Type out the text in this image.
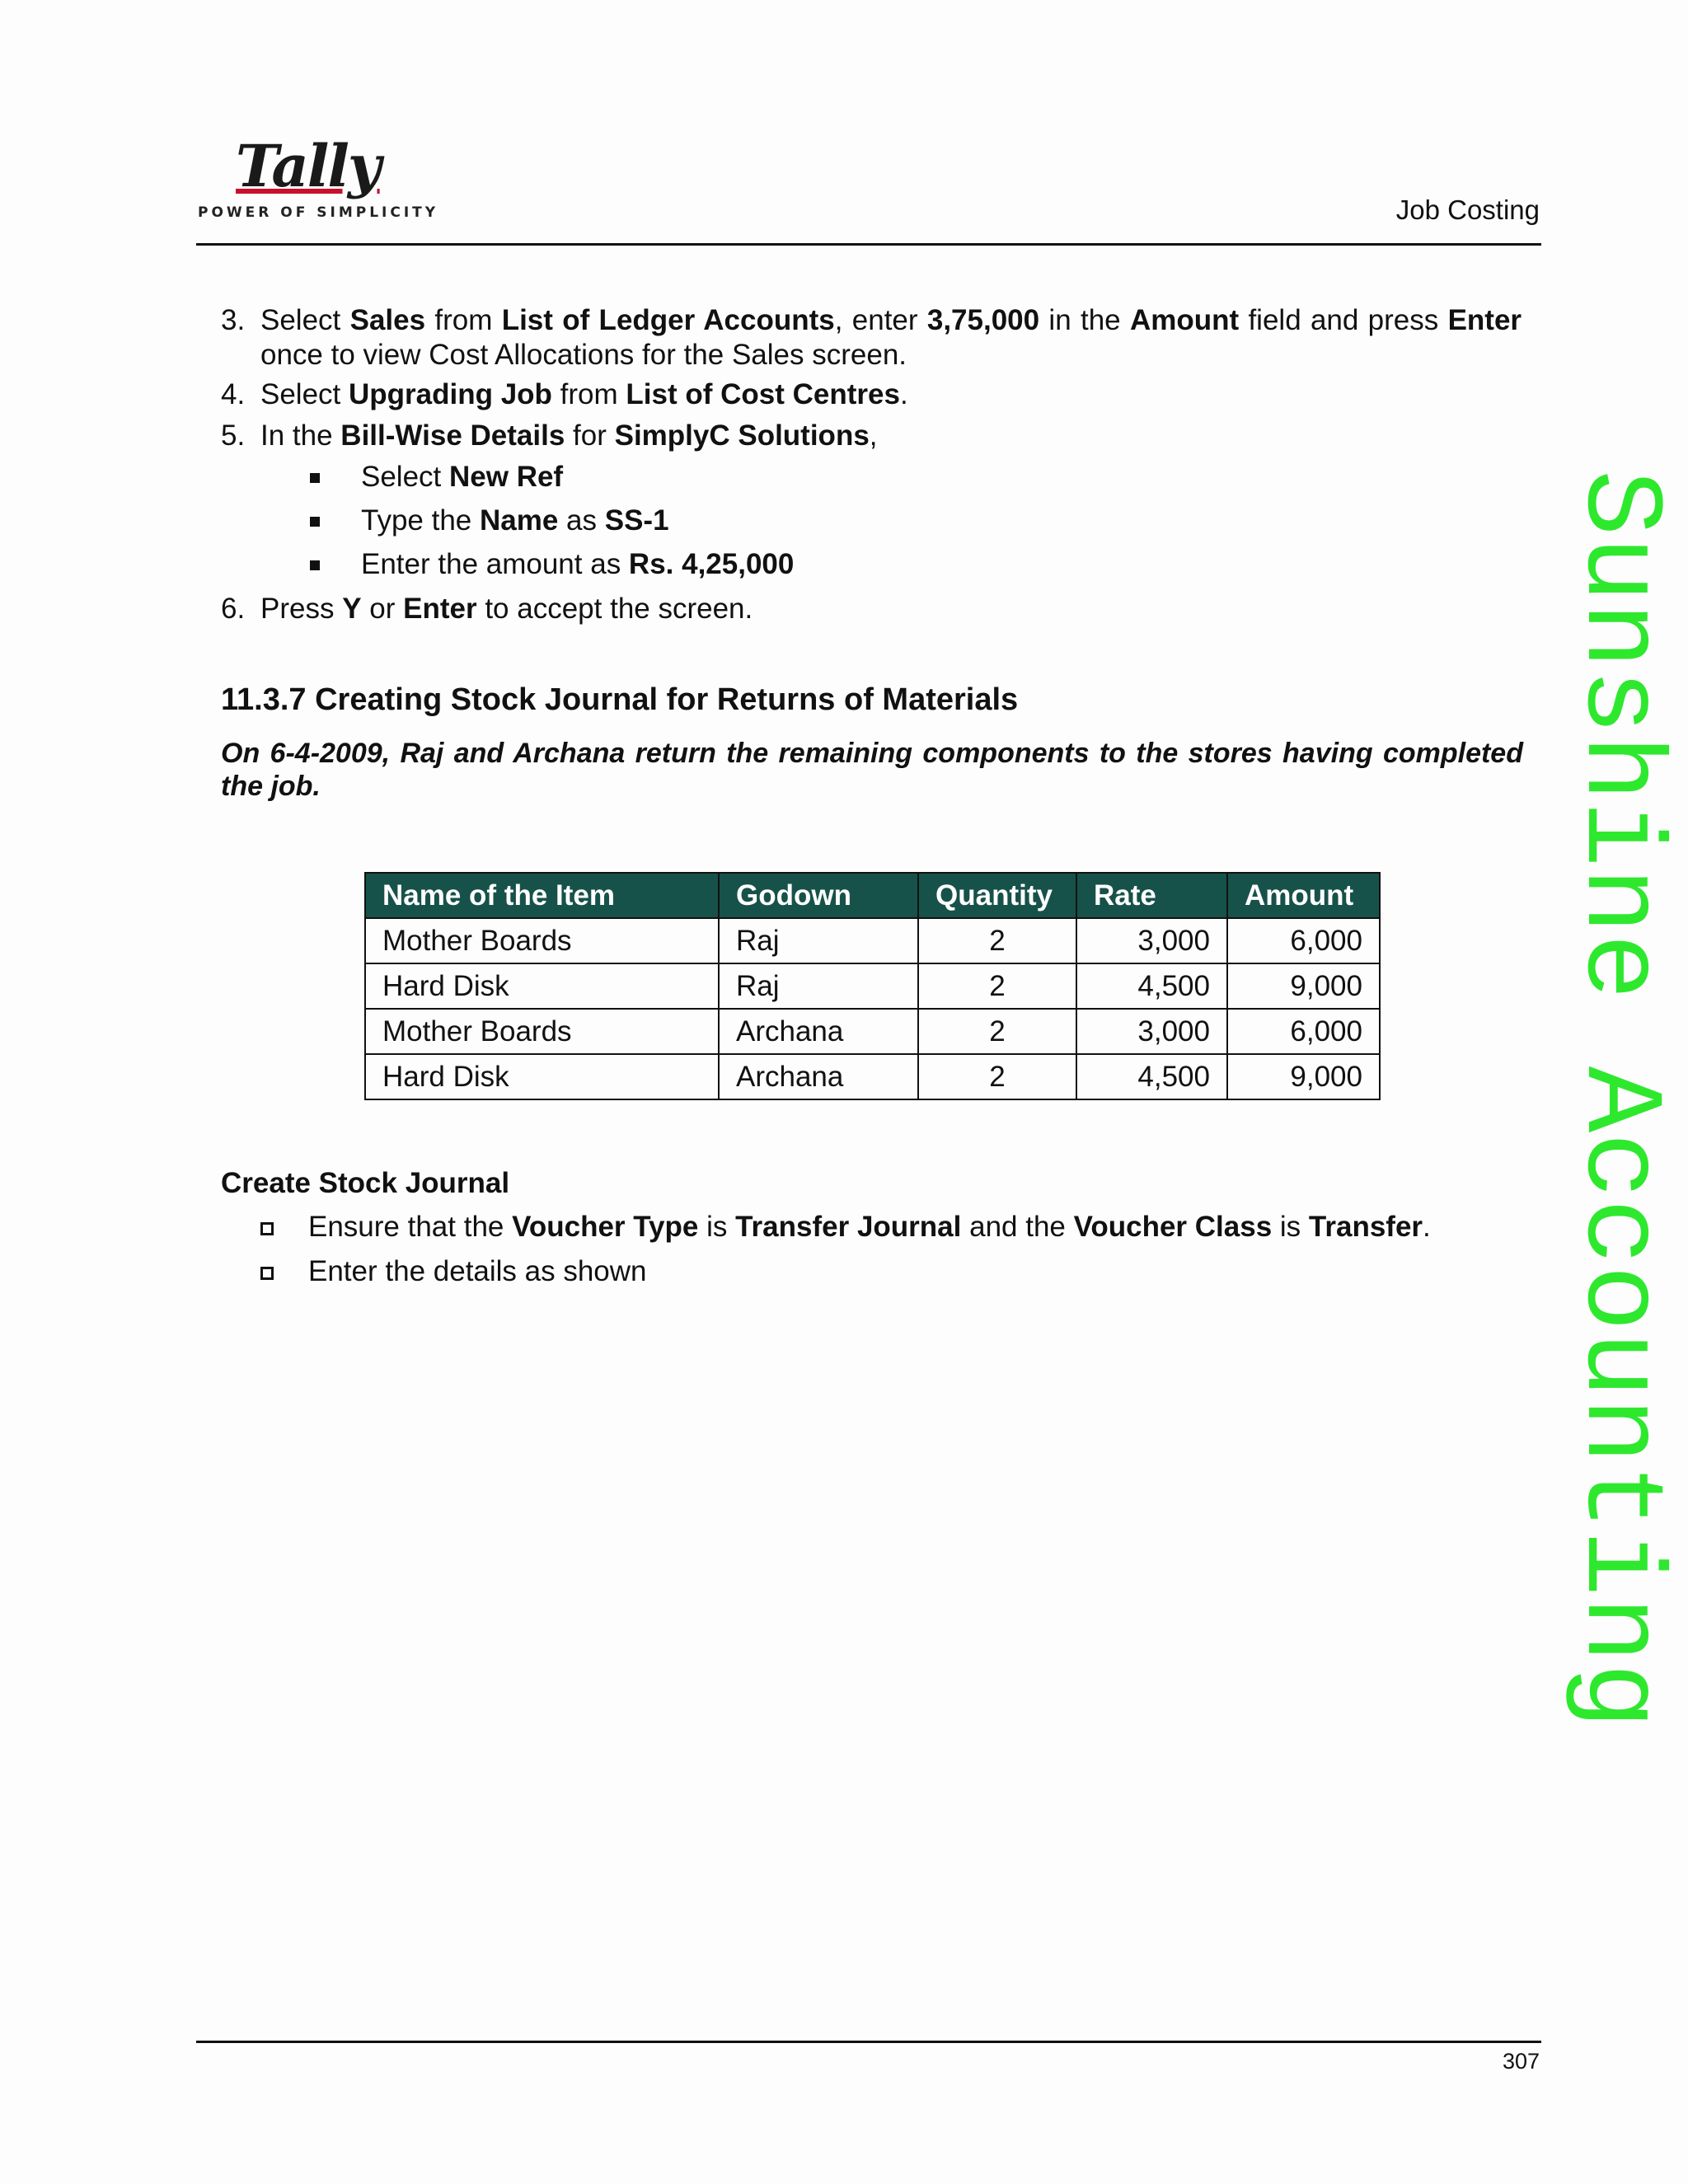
Tally
POWER OF SIMPLICITY	Job Costing
3. Select Sales from List of Ledger Accounts, enter 3,75,000 in the Amount field and press Enter once to view Cost Allocations for the Sales screen.
4. Select Upgrading Job from List of Cost Centres.
5. In the Bill-Wise Details for SimplyC Solutions,
Select New Ref
Type the Name as SS-1
Enter the amount as Rs. 4,25,000
6. Press Y or Enter to accept the screen.
11.3.7 Creating Stock Journal for Returns of Materials
On 6-4-2009, Raj and Archana return the remaining components to the stores having completed the job.
Create Stock Journal
Ensure that the Voucher Type is Transfer Journal and the Voucher Class is Transfer.
Enter the details as shown
Name of the Item	Godown	Quantity	Rate	Amount
Mother Boards	Raj	2	3,000	6,000
Hard Disk	Raj	2	4,500	9,000
Mother Boards	Archana	2	3,000	6,000
Hard Disk	Archana	2	4,500	9,000 Sunshine Accounting
307
